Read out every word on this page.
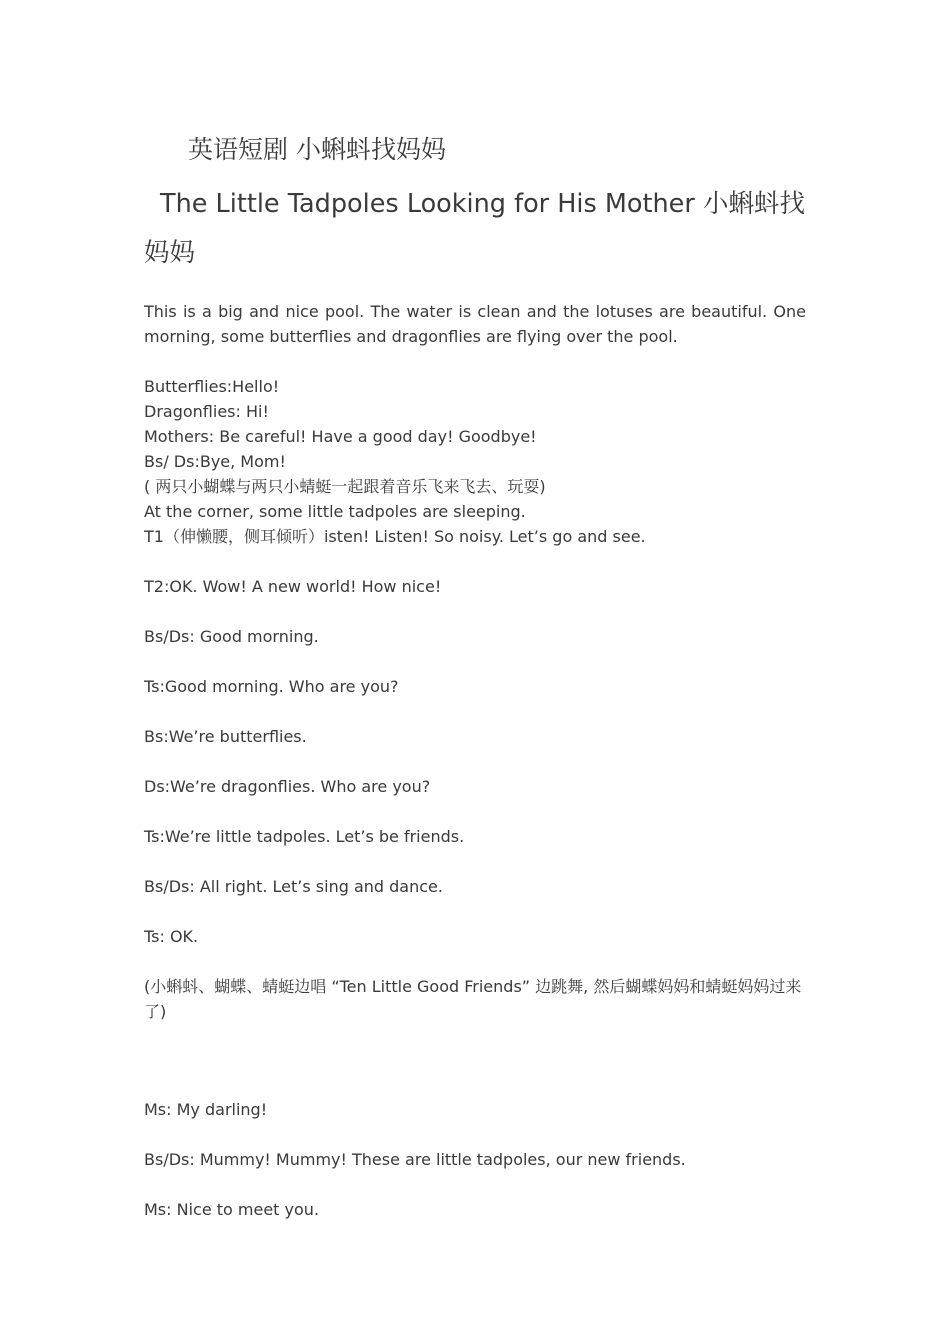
英语短剧 小蝌蚪找妈妈
The Little Tadpoles Looking for His Mother 小蝌蚪找妈妈

This is a big and nice pool. The water is clean and the lotuses are beautiful. One morning, some butterflies and dragonflies are flying over the pool.

Butterflies:Hello!

Dragonflies: Hi!

Mothers: Be careful! Have a good day! Goodbye!

Bs/ Ds:Bye, Mom!

( 两只小蝴蝶与两只小蜻蜓一起跟着音乐飞来飞去、玩耍)

At the corner, some little tadpoles are sleeping.

T1（伸懒腰，侧耳倾听）isten! Listen! So noisy. Let’s go and see.

T2:OK. Wow! A new world! How nice!

Bs/Ds: Good morning.

Ts:Good morning. Who are you?

Bs:We’re butterflies.

Ds:We’re dragonflies. Who are you?

Ts:We’re little tadpoles. Let’s be friends.

Bs/Ds: All right. Let’s sing and dance.

Ts: OK.

(小蝌蚪、蝴蝶、蜻蜓边唱 “Ten Little Good Friends” 边跳舞, 然后蝴蝶妈妈和蜻蜓妈妈过来了)

Ms: My darling!

Bs/Ds: Mummy! Mummy! These are little tadpoles, our new friends.

Ms: Nice to meet you.
